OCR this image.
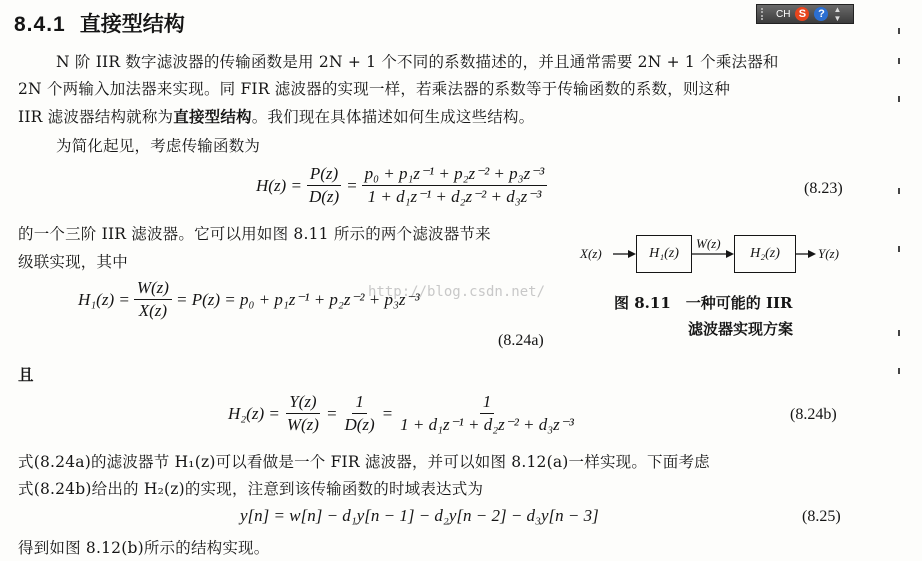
8.4.1 直接型结构	CH S	?	▲
▼
N 阶 IIR 数字滤波器的传输函数是用 2N + 1 个不同的系数描述的，并且通常需要 2N + 1 个乘法器和
2N 个两输入加法器来实现。同 FIR 滤波器的实现一样，若乘法器的系数等于传输函数的系数，则这种
IIR 滤波器结构就称为直接型结构。我们现在具体描述如何生成这些结构。
为简化起见，考虑传输函数为
$H(z) = \frac{P(z)}{D(z)} = \frac{\text{p₀ + p₁z⁻¹ + p₂z⁻² + p₃z⁻³}}{\text{1 + d₁z⁻¹ + d₂z⁻² + d₃z⁻³}}$	(8.23)
的一个三阶 IIR 滤波器。它可以用如图 8.11 所示的两个滤波器节来
级联实现，其中	X(z)	H₁(z)
W(z)
H₂(z)	Y(z)
图 8.11　一种可能的 IIR
滤波器实现方案
http://blog.csdn.net/
$H_1(z) = \frac{W(z)}{X(z)} = P(z) = p_0 + p_1z^{-1} + p_2z^{-2} + p_3z^{-3}$
(8.24a)
且
$H_2(z) = \frac{Y(z)}{W(z)} = \frac{1}{D(z)} = \frac{1}{\text{1 + d₁z⁻¹ + d₂z⁻² + d₃z⁻³}}$	(8.24b)
式(8.24a)的滤波器节 H₁(z)可以看做是一个 FIR 滤波器，并可以如图 8.12(a)一样实现。下面考虑
式(8.24b)给出的 H₂(z)的实现，注意到该传输函数的时域表达式为
y[n] = w[n] − d₁y[n − 1] − d₂y[n − 2] − d₃y[n − 3]	(8.25)
得到如图 8.12(b)所示的结构实现。
